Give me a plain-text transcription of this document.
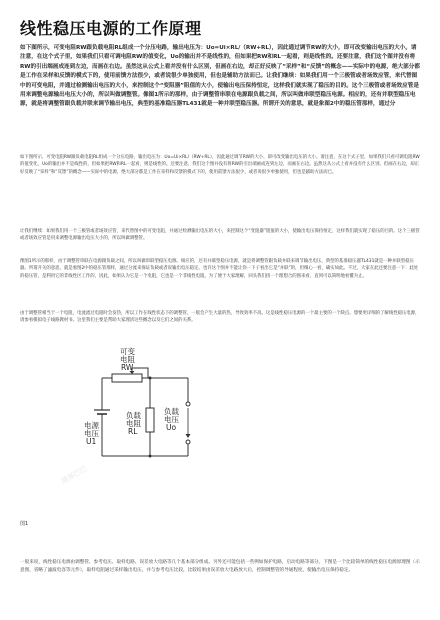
线性稳压电源的工作原理

如下图所示，可变电阻RW跟负载电阻RL组成一个分压电路，输出电压为：Uo=Ui×RL/（RW+RL），因此通过调节RW的大小，即可改变输出电压的大小。请注意，在这个式子里，如果我们只看可调电阻RW的值变化，Uo的输出并不是线性的，但如果把RW和RL一起看，则是线性的。还要注意，我们这个图并没有将RW的引出端画成连到左边，而画在右边。虽然这从公式上看并没有什么区别，但画在右边，却正好反映了“采样”和“反馈”的概念——实际中的电源，绝大部分都是工作在采样和反馈的模式下的，使用前馈方法很少，或者说很少单独使用，但也是辅助方法而已。让我们继续：如果我们用一个三极管或者场效应管，来代替图中的可变电阻，并通过检测输出电压的大小，来控制这个“变阻器”阻值的大小，使输出电压保持恒定，这样我们就实现了稳压的目的。这个三极管或者场效应管是用来调整电源输出电压大小的，所以叫做调整管。像图1所示的那样，由于调整管串联在电源跟负载之间，所以叫做串联型稳压电源。相应的，还有并联型稳压电源，就是将调整管跟负载并联来调节输出电压，典型的基准稳压器TL431就是一种并联型稳压器。所谓开关的意思，就是象图2中的稳压管那样，通过分

如下图所示，可变电阻RW跟负载电阻RL组成一个分压电路，输出电压为：Uo=Ui×RL/（RW+RL），因此通过调节RW的大小，即可改变输出电压的大小。请注意，在这个式子里，如果我们只看可调电阻RW的值变化，Uo的输出并不是线性的，但如果把RW和RL一起看，则是线性的。还要注意，我们这个图并没有将RW的引出端画成连到左边，而画在右边。虽然这从公式上看并没有什么区别，但画在右边，却正好反映了“采样”和“反馈”的概念——实际中的电源，绝大部分都是工作在采样和反馈的模式下的，使用前馈方法很少，或者说很少单独使用，但也是辅助方法而已。

让我们继续：如果我们用一个三极管或者场效应管，来代替图中的可变电阻，并通过检测输出电压的大小，来控制这个“变阻器”阻值的大小，使输出电压保持恒定，这样我们就实现了稳压的目的。这个三极管或者场效应管是用来调整电源输出电压大小的，所以叫做调整管。

像图1所示的那样，由于调整管串联在电源跟负载之间，所以叫做串联型稳压电源。相应的，还有并联型稳压电源，就是将调整管跟负载并联来调节输出电压，典型的基准稳压器TL431就是一种并联型稳压器。所谓开关的意思，就是象图2中的稳压管那样，通过分流来保证负载或者说输出电压稳定。也许这个图并不能让你一下子看出它是“并联”的，但细心一看，确实如此。不过，大家在此还要注意一下：此处的稳压管，是利用它的非线性区工作的，因此，如果认为它是一个电阻，它也是一个非线性电阻。为了便于大家理解，回头我们找一个理想合的图来看，直到可以简明地看懂为止。

由于调整管相当于一个电阻，电流流过电阻时会发热，所以工作在线性状态下的调整管，一般会产生大量的热，导致效率不高。这是线性稳压电源的一个最主要的一个缺点。想要更详细的了解线性稳压电源，请参看模拟电子线路教材书。这里我们主要是帮助大家理清这些概念以及它们之间的关系。

可变
电阻
RW
电源
电压
U1
负载
电阻
RL
负载
电压
Uo
图1

一般来说，线性稳压电源由调整管、参考电压、取样电路、误差放大电路等几个基本部分组成。另外还可能包括一些例如保护电路，启动电路等部分。下图是一个比较简单的线性稳压电源原理图（示意图，省略了滤波电容等元件），取样电阻通过采样输出电压，并与参考电压比较，比较结果由误差放大电路放大后，控制调整管的导通程度，使输出电压保持稳定。

道客巴巴
